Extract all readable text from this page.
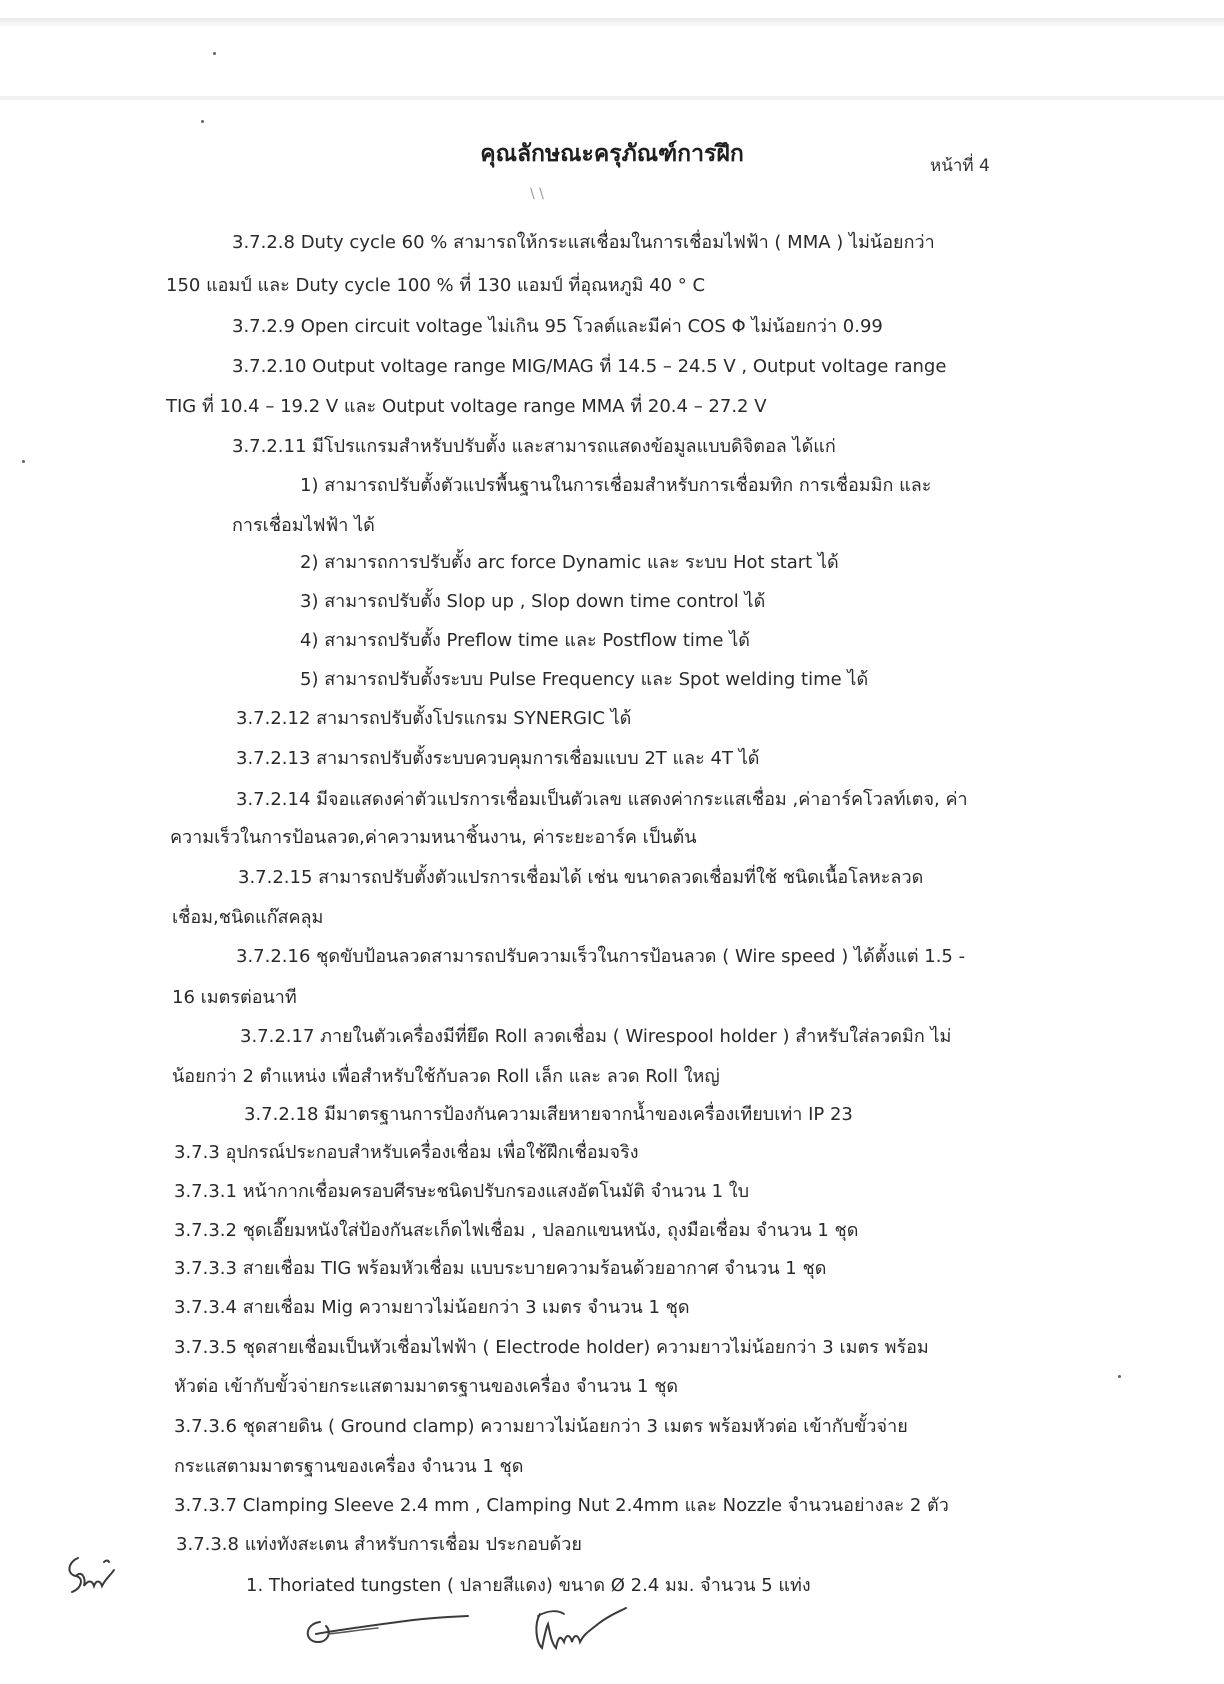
คุณลักษณะครุภัณฑ์การฝึก	หน้าที่ 4
\ \
3.7.2.8 Duty cycle 60 % สามารถให้กระแสเชื่อมในการเชื่อมไฟฟ้า ( MMA ) ไม่น้อยกว่า
150 แอมป์ และ Duty cycle 100 % ที่ 130 แอมป์ ที่อุณหภูมิ 40 ° C
3.7.2.9 Open circuit voltage ไม่เกิน 95 โวลต์และมีค่า COS Φ ไม่น้อยกว่า 0.99
3.7.2.10 Output voltage range MIG/MAG ที่ 14.5 – 24.5 V , Output voltage range
TIG ที่ 10.4 – 19.2 V และ Output voltage range MMA ที่ 20.4 – 27.2 V
3.7.2.11 มีโปรแกรมสำหรับปรับตั้ง และสามารถแสดงข้อมูลแบบดิจิตอล ได้แก่
1) สามารถปรับตั้งตัวแปรพื้นฐานในการเชื่อมสำหรับการเชื่อมทิก การเชื่อมมิก และ
การเชื่อมไฟฟ้า ได้
2) สามารถการปรับตั้ง arc force Dynamic และ ระบบ Hot start ได้
3) สามารถปรับตั้ง Slop up , Slop down time control ได้
4) สามารถปรับตั้ง Preflow time และ Postflow time ได้
5) สามารถปรับตั้งระบบ Pulse Frequency และ Spot welding time ได้
3.7.2.12 สามารถปรับตั้งโปรแกรม SYNERGIC ได้
3.7.2.13 สามารถปรับตั้งระบบควบคุมการเชื่อมแบบ 2T และ 4T ได้
3.7.2.14 มีจอแสดงค่าตัวแปรการเชื่อมเป็นตัวเลข แสดงค่ากระแสเชื่อม ,ค่าอาร์คโวลท์เตจ, ค่า
ความเร็วในการป้อนลวด,ค่าความหนาชิ้นงาน, ค่าระยะอาร์ค เป็นต้น
3.7.2.15 สามารถปรับตั้งตัวแปรการเชื่อมได้ เช่น ขนาดลวดเชื่อมที่ใช้ ชนิดเนื้อโลหะลวด
เชื่อม,ชนิดแก๊สคลุม
3.7.2.16 ชุดขับป้อนลวดสามารถปรับความเร็วในการป้อนลวด ( Wire speed ) ได้ตั้งแต่ 1.5 -
16 เมตรต่อนาที
3.7.2.17 ภายในตัวเครื่องมีที่ยึด Roll ลวดเชื่อม ( Wirespool holder ) สำหรับใส่ลวดมิก ไม่
น้อยกว่า 2 ตำแหน่ง เพื่อสำหรับใช้กับลวด Roll เล็ก และ ลวด Roll ใหญ่
3.7.2.18 มีมาตรฐานการป้องกันความเสียหายจากน้ำของเครื่องเทียบเท่า IP 23
3.7.3 อุปกรณ์ประกอบสำหรับเครื่องเชื่อม เพื่อใช้ฝึกเชื่อมจริง
3.7.3.1 หน้ากากเชื่อมครอบศีรษะชนิดปรับกรองแสงอัตโนมัติ จำนวน 1 ใบ
3.7.3.2 ชุดเอี๊ยมหนังใส่ป้องกันสะเก็ดไฟเชื่อม , ปลอกแขนหนัง, ถุงมือเชื่อม จำนวน 1 ชุด
3.7.3.3 สายเชื่อม TIG พร้อมหัวเชื่อม แบบระบายความร้อนด้วยอากาศ จำนวน 1 ชุด
3.7.3.4 สายเชื่อม Mig ความยาวไม่น้อยกว่า 3 เมตร จำนวน 1 ชุด
3.7.3.5 ชุดสายเชื่อมเป็นหัวเชื่อมไฟฟ้า ( Electrode holder) ความยาวไม่น้อยกว่า 3 เมตร พร้อม
หัวต่อ เข้ากับขั้วจ่ายกระแสตามมาตรฐานของเครื่อง จำนวน 1 ชุด
3.7.3.6 ชุดสายดิน ( Ground clamp) ความยาวไม่น้อยกว่า 3 เมตร พร้อมหัวต่อ เข้ากับขั้วจ่าย
กระแสตามมาตรฐานของเครื่อง จำนวน 1 ชุด
3.7.3.7 Clamping Sleeve 2.4 mm , Clamping Nut 2.4mm และ Nozzle จำนวนอย่างละ 2 ตัว
3.7.3.8 แท่งทังสะเตน สำหรับการเชื่อม ประกอบด้วย
1. Thoriated tungsten ( ปลายสีแดง) ขนาด Ø 2.4 มม. จำนวน 5 แท่ง
